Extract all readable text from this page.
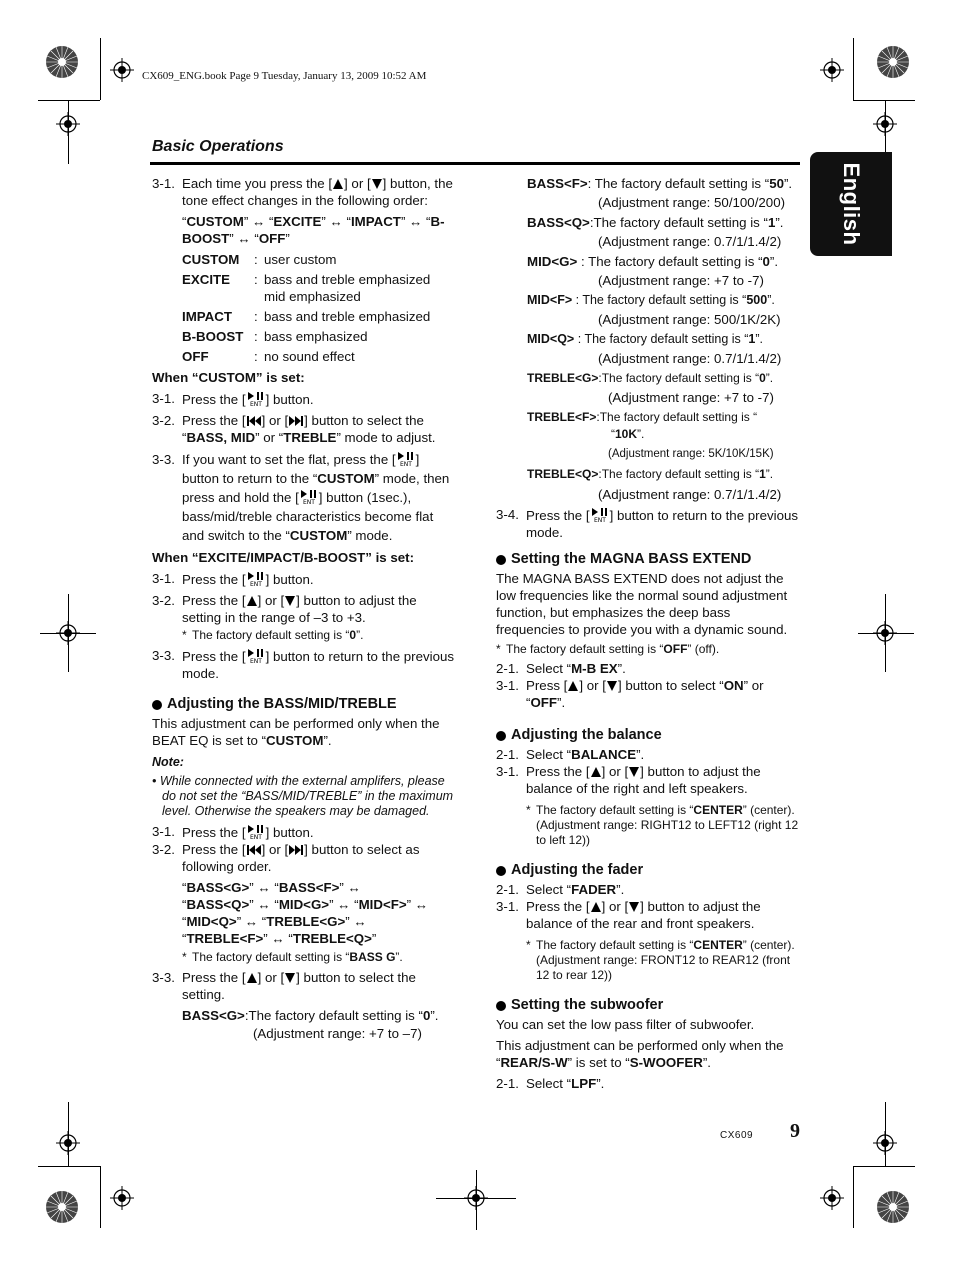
CX609_ENG.book Page 9 Tuesday, January 13, 2009 10:52 AM
Basic Operations
English

3-1. Each time you press the [ ] or [ ] button, the tone effect changes in the following order:

“CUSTOM” ↔ “EXCITE” ↔ “IMPACT” ↔ “B-BOOST” ↔ “OFF”

CUSTOM	: user custom
EXCITE	: bass and treble emphasized mid emphasized
IMPACT	: bass and treble emphasized
B-BOOST : bass emphasized
OFF	: no sound effect

When “CUSTOM” is set:

3-1. Press the [ ENT ] button.

3-2. Press the [ ] or [ ] button to select the “BASS, MID” or “TREBLE” mode to adjust.

3-3. If you want to set the flat, press the [ ENT ] button to return to the “CUSTOM” mode, then press and hold the [ ENT ] button (1sec.), bass/mid/treble characteristics become flat and switch to the “CUSTOM” mode.

When “EXCITE/IMPACT/B-BOOST” is set:

3-1. Press the [ ENT ] button.

3-2. Press the [ ] or [ ] button to adjust the setting in the range of –3 to +3.

* The factory default setting is “0”.

3-3. Press the [ ENT ] button to return to the previous mode.

Adjusting the BASS/MID/TREBLE

This adjustment can be performed only when the BEAT EQ is set to “CUSTOM”.

Note:

• While connected with the external amplifers, please do not set the “BASS/MID/TREBLE” in the maximum level. Otherwise the speakers may be damaged.

3-1. Press the [ ENT ] button.

3-2. Press the [ ] or [ ] button to select as following order.

“BASS<G>” ↔ “BASS<F>” ↔
“BASS<Q>” ↔ “MID<G>” ↔ “MID<F>” ↔
“MID<Q>” ↔ “TREBLE<G>” ↔
“TREBLE<F>” ↔ “TREBLE<Q>”

* The factory default setting is “BASS G”.

3-3. Press the [ ] or [ ] button to select the setting.

BASS<G>:The factory default setting is “0”.

(Adjustment range: +7 to –7)

BASS<F>: The factory default setting is “50”.

(Adjustment range: 50/100/200)

BASS<Q>:The factory default setting is “1”.

(Adjustment range: 0.7/1/1.4/2)

MID<G> : The factory default setting is “0”.

(Adjustment range: +7 to -7)

MID<F> : The factory default setting is “500”.

(Adjustment range: 500/1K/2K)

MID<Q> : The factory default setting is “1”.

(Adjustment range: 0.7/1/1.4/2)

TREBLE<G>:The factory default setting is “0”.

(Adjustment range: +7 to -7)

TREBLE<F>:The factory default setting is “
“10K”.

(Adjustment range: 5K/10K/15K)

TREBLE<Q>:The factory default setting is “1”.

(Adjustment range: 0.7/1/1.4/2)

3-4. Press the [ ENT ] button to return to the previous mode.

Setting the MAGNA BASS EXTEND

The MAGNA BASS EXTEND does not adjust the low frequencies like the normal sound adjustment function, but emphasizes the deep bass frequencies to provide you with a dynamic sound.

* The factory default setting is “OFF” (off).

2-1. Select “M-B EX”.

3-1. Press [ ] or [ ] button to select “ON” or “OFF”.

Adjusting the balance

2-1. Select “BALANCE”.

3-1. Press the [ ] or [ ] button to adjust the balance of the right and left speakers.

* The factory default setting is “CENTER” (center). (Adjustment range: RIGHT12 to LEFT12 (right 12 to left 12))

Adjusting the fader

2-1. Select “FADER”.

3-1. Press the [ ] or [ ] button to adjust the balance of the rear and front speakers.

* The factory default setting is “CENTER” (center). (Adjustment range: FRONT12 to REAR12 (front 12 to rear 12))

Setting the subwoofer

You can set the low pass filter of subwoofer.

This adjustment can be performed only when the “REAR/S-W” is set to “S-WOOFER”.

2-1. Select “LPF”.

CX609 9
